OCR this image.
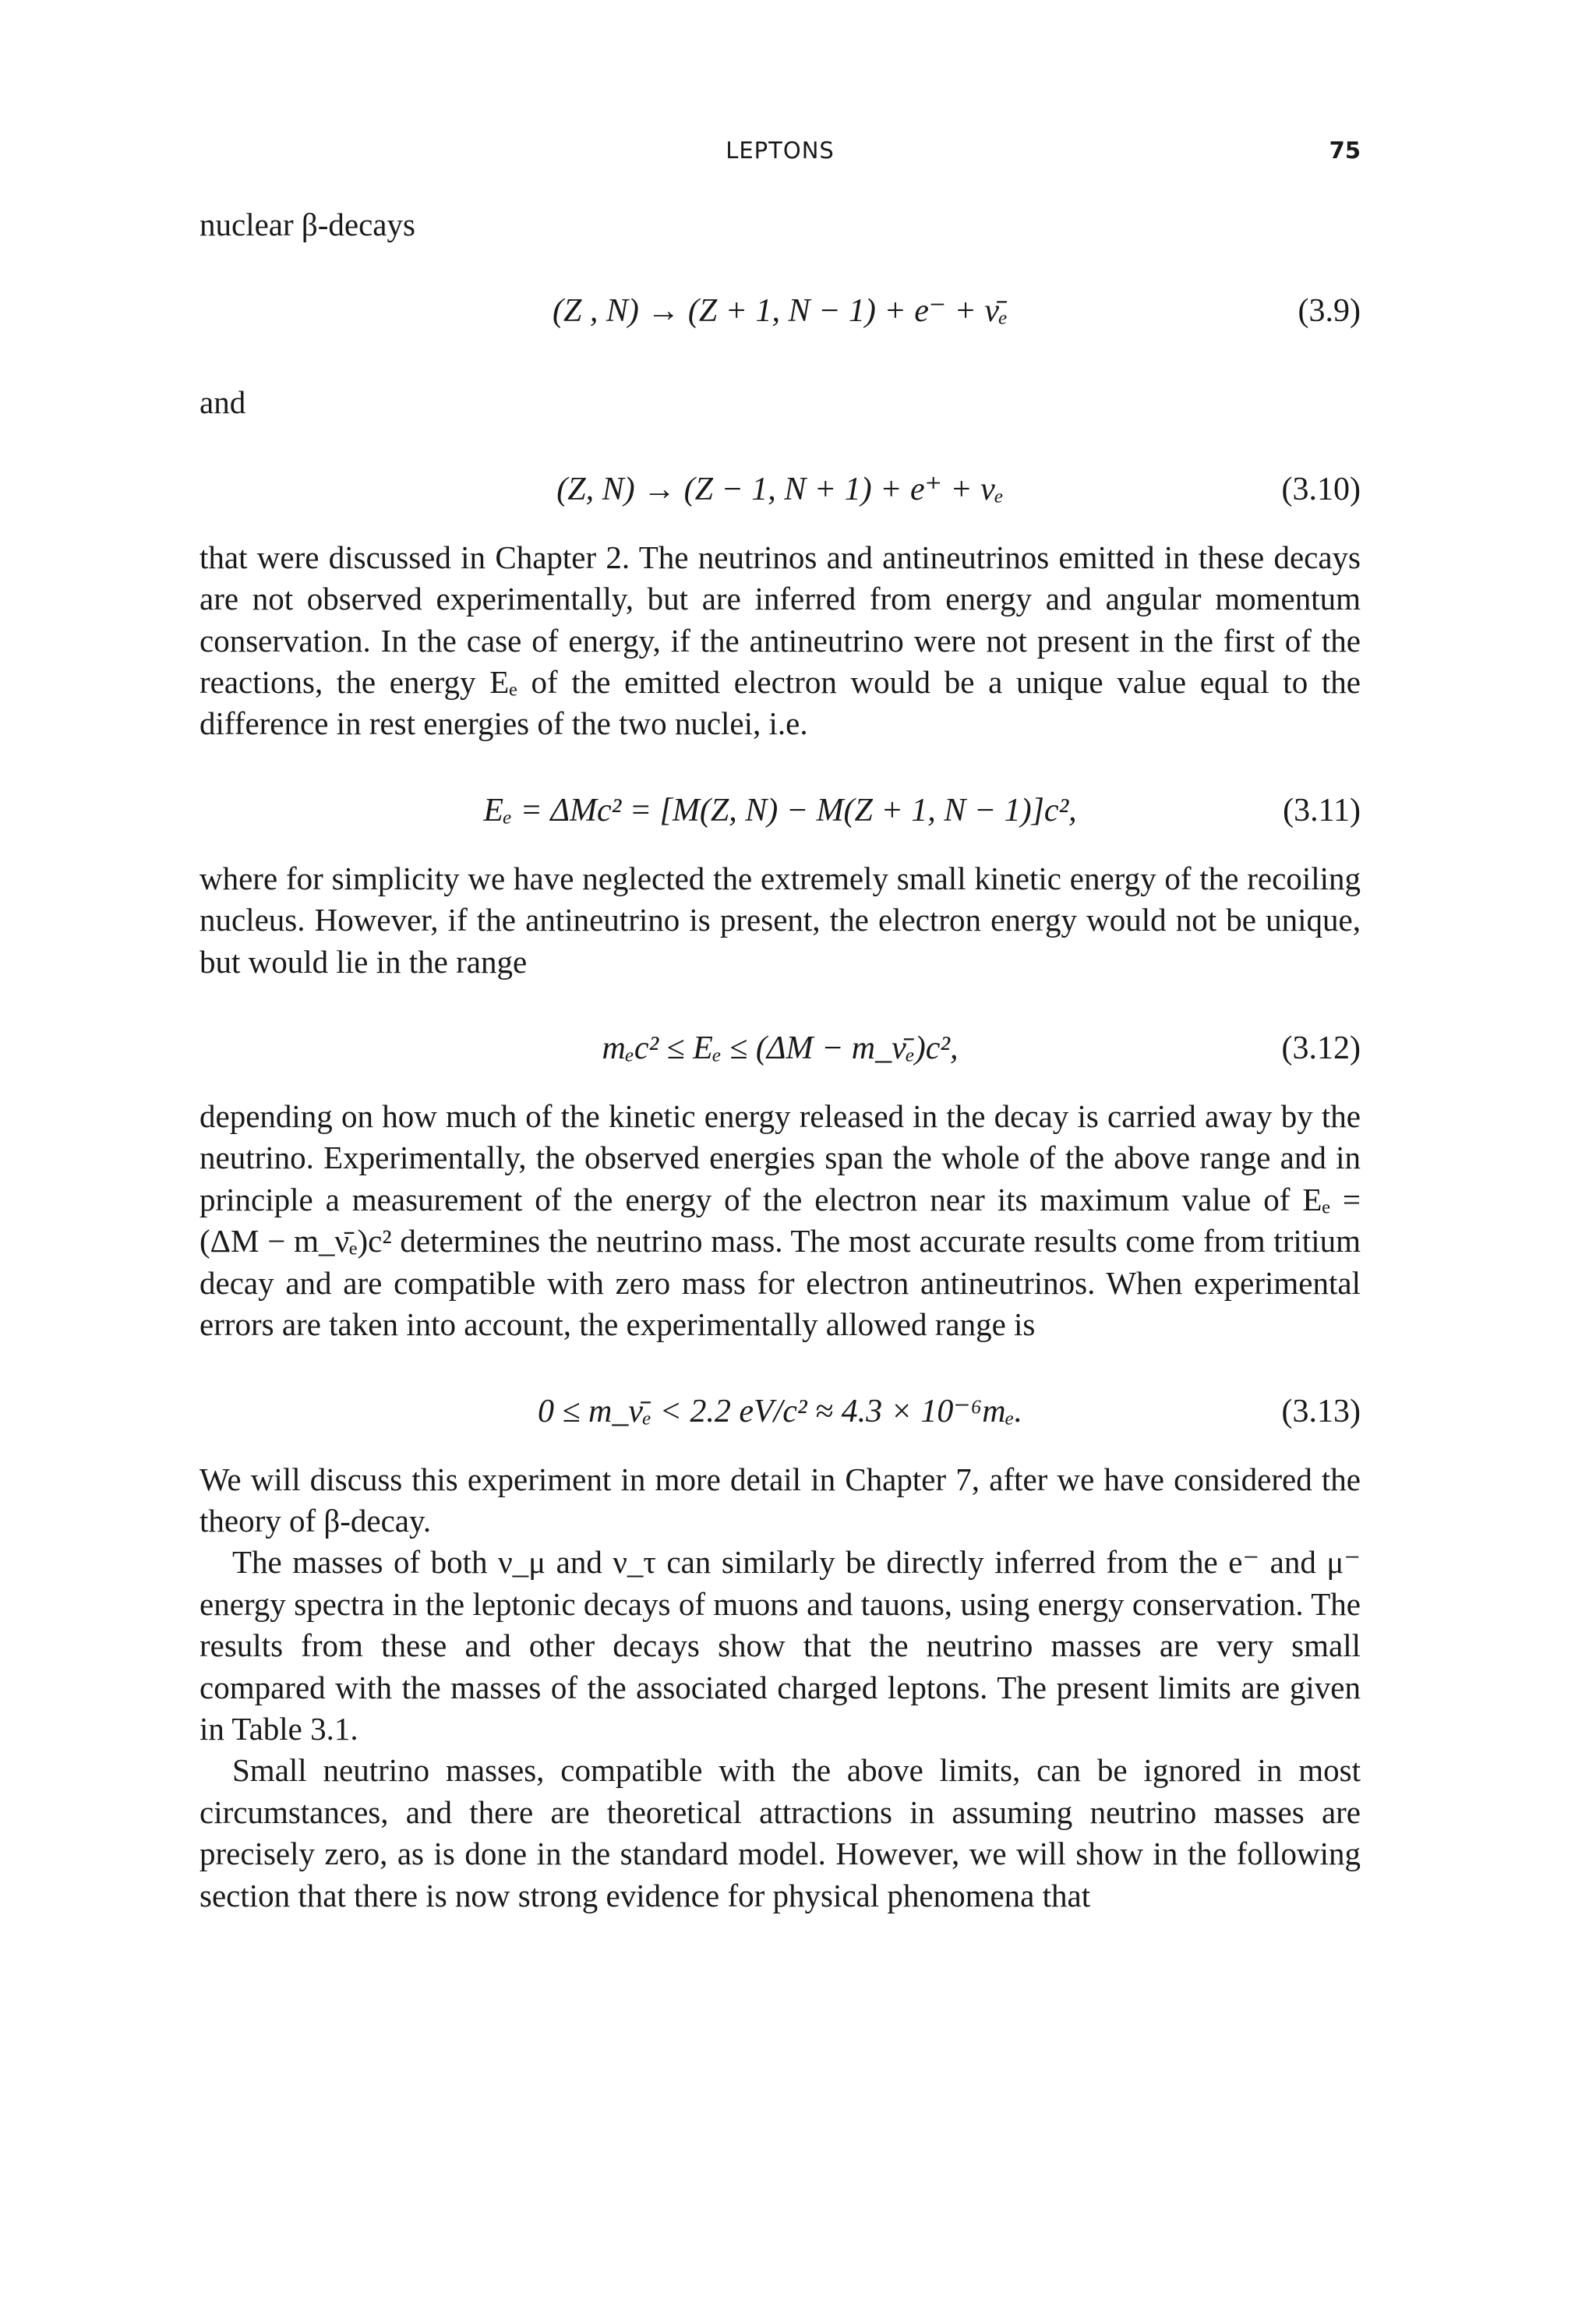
LEPTONS	75

nuclear β-decays

(Z , N) → (Z + 1, N − 1) + e⁻ + ν̄ₑ	(3.9)

and

(Z, N) → (Z − 1, N + 1) + e⁺ + νₑ	(3.10)

that were discussed in Chapter 2. The neutrinos and antineutrinos emitted in these decays are not observed experimentally, but are inferred from energy and angular momentum conservation. In the case of energy, if the antineutrino were not present in the first of the reactions, the energy Eₑ of the emitted electron would be a unique value equal to the difference in rest energies of the two nuclei, i.e.

Eₑ = ΔMc² = [M(Z, N) − M(Z + 1, N − 1)]c²,	(3.11)

where for simplicity we have neglected the extremely small kinetic energy of the recoiling nucleus. However, if the antineutrino is present, the electron energy would not be unique, but would lie in the range

mₑc² ≤ Eₑ ≤ (ΔM − m_ν̄ₑ)c²,	(3.12)

depending on how much of the kinetic energy released in the decay is carried away by the neutrino. Experimentally, the observed energies span the whole of the above range and in principle a measurement of the energy of the electron near its maximum value of Eₑ = (ΔM − m_ν̄ₑ)c² determines the neutrino mass. The most accurate results come from tritium decay and are compatible with zero mass for electron antineutrinos. When experimental errors are taken into account, the experimentally allowed range is

0 ≤ m_ν̄ₑ < 2.2 eV/c² ≈ 4.3 × 10⁻⁶mₑ.	(3.13)

We will discuss this experiment in more detail in Chapter 7, after we have considered the theory of β-decay.

The masses of both ν_μ and ν_τ can similarly be directly inferred from the e⁻ and μ⁻ energy spectra in the leptonic decays of muons and tauons, using energy conservation. The results from these and other decays show that the neutrino masses are very small compared with the masses of the associated charged leptons. The present limits are given in Table 3.1.

Small neutrino masses, compatible with the above limits, can be ignored in most circumstances, and there are theoretical attractions in assuming neutrino masses are precisely zero, as is done in the standard model. However, we will show in the following section that there is now strong evidence for physical phenomena that
